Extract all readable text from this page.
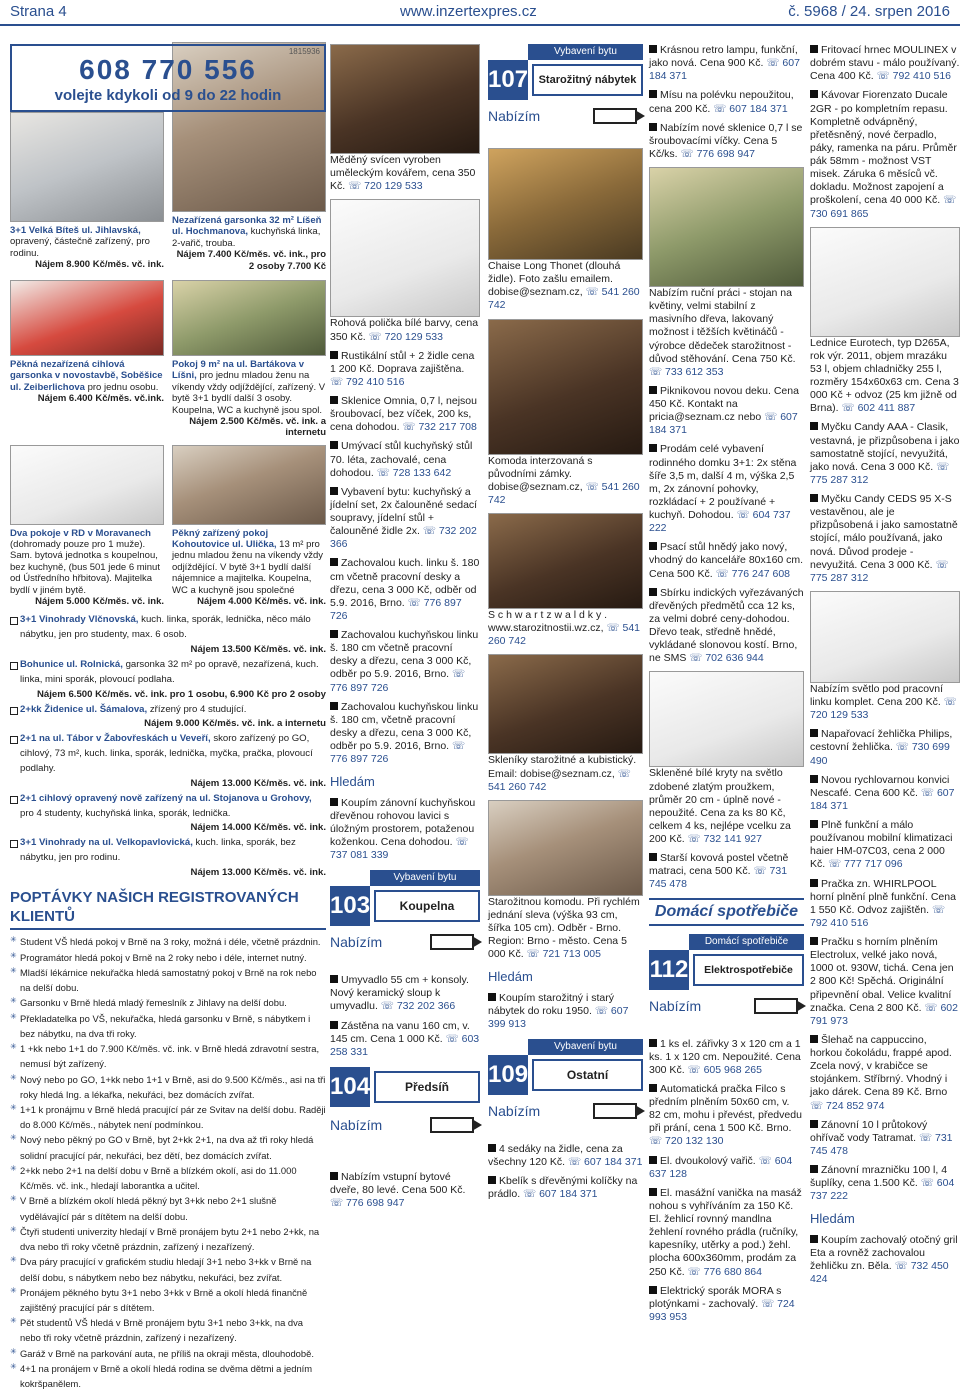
Strana 4	www.inzertexpres.cz	č. 5968 / 24. srpen 2016
1815936
608 770 556
volejte kdykoli od 9 do 22 hodin
3+1 Velká Bíteš ul. Jihlavská, opravený, částečně zařízený, pro rodinu.
Nájem 8.900 Kč/měs. vč. ink.
Nezařízená garsonka 32 m² Líšeň ul. Hochmanova, kuchyňská linka, 2-vařič, trouba.
Nájem 7.400 Kč/měs. vč. ink., pro 2 osoby 7.700 Kč
Pěkná nezařízená cihlová garsonka v novostavbě, Soběšice ul. Zeiberlichova pro jednu osobu.
Nájem 6.400 Kč/měs. vč.ink.
Pokoj 9 m² na ul. Bartákova v Líšni, pro jednu mladou ženu na víkendy vždy odjíždějící, zařízený. V bytě 3+1 bydlí další 3 osoby. Koupelna, WC a kuchyně jsou spol.
Nájem 2.500 Kč/měs. vč. ink. a internetu
Dva pokoje v RD v Moravanech (dohromady pouze pro 1 muže). Sam. bytová jednotka s koupelnou, bez kuchyně, (bus 501 jede 6 minut od Ústředního hřbitova). Majitelka bydlí v jiném bytě.
Nájem 5.000 Kč/měs. vč. ink.
Pěkný zařízený pokoj Kohoutovice ul. Ulička, 13 m² pro jednu mladou ženu na víkendy vždy odjíždějící. V bytě 3+1 bydlí další nájemnice a majitelka. Koupelna, WC a kuchyně jsou společné
Nájem 4.000 Kč/měs. vč. ink.
3+1 Vinohrady Vlčnovská, kuch. linka, sporák, lednička, něco málo nábytku, jen pro studenty, max. 6 osob.
Nájem 13.500 Kč/měs. vč. ink.
Bohunice ul. Rolnická, garsonka 32 m² po opravě, nezařízená, kuch. linka, mini sporák, plovoucí podlaha.
Nájem 6.500 Kč/měs. vč. ink. pro 1 osobu, 6.900 Kč pro 2 osoby
2+kk Židenice ul. Šámalova, zřízený pro 4 studující.
Nájem 9.000 Kč/měs. vč. ink. a internetu
2+1 na ul. Tábor v Žabovřeskách u Veveří, skoro zařízený po GO, cihlový, 73 m², kuch. linka, sporák, lednička, myčka, pračka, plovoucí podlahy.
Nájem 13.000 Kč/měs. vč. ink.
2+1 cihlový opravený nově zařízený na ul. Stojanova u Grohovy, pro 4 studenty, kuchyňská linka, sporák, lednička.
Nájem 14.000 Kč/měs. vč. ink.
3+1 Vinohrady na ul. Velkopavlovická, kuch. linka, sporák, bez nábytku, jen pro rodinu.
Nájem 13.000 Kč/měs. vč. ink.
POPTÁVKY NAŠICH REGISTROVANÝCH KLIENTŮ
✳ Student VŠ hledá pokoj v Brně na 3 roky, možná i déle, včetně prázdnin.
✳ Programátor hledá pokoj v Brně na 2 roky nebo i déle, internet nutný.
✳ Mladší lékárnice nekuřačka hledá samostatný pokoj v Brně na rok nebo na delší dobu.
✳ Garsonku v Brně hledá mladý řemeslník z Jihlavy na delší dobu.
✳ Překladatelka po VŠ, nekuřačka, hledá garsonku v Brně, s nábytkem i bez nábytku, na dva tři roky.
✳ 1 +kk nebo 1+1 do 7.900 Kč/měs. vč. ink. v Brně hledá zdravotní sestra, nemusí být zařízený.
✳ Nový nebo po GO, 1+kk nebo 1+1 v Brně, asi do 9.500 Kč/měs., asi na tři roky hledá Ing. a lékařka, nekuřáci, bez domácích zvířat.
✳ 1+1 k pronájmu v Brně hledá pracující pár ze Svitav na delší dobu. Raději do 8.000 Kč/měs., nábytek není podmínkou.
✳ Nový nebo pěkný po GO v Brně, byt 2+kk 2+1, na dva až tři roky hledá solidní pracující pár, nekuřáci, bez dětí, bez domácích zvířat.
✳ 2+kk nebo 2+1 na delší dobu v Brně a blízkém okolí, asi do 11.000 Kč/měs. vč. ink., hledají laborantka a učitel.
✳ V Brně a blízkém okolí hledá pěkný byt 3+kk nebo 2+1 slušně vydělávající pár s dítětem na delší dobu.
✳ Čtyři studenti univerzity hledají v Brně pronájem bytu 2+1 nebo 2+kk, na dva nebo tři roky včetně prázdnin, zařízený i nezařízený.
✳ Dva páry pracující v grafickém studiu hledají 3+1 nebo 3+kk v Brně na delší dobu, s nábytkem nebo bez nábytku, nekuřáci, bez zvířat.
✳ Pronájem pěkného bytu 3+1 nebo 3+kk v Brně a okolí hledá finančně zajištěný pracující pár s dítětem.
✳ Pět studentů VŠ hledá v Brně pronájem bytu 3+1 nebo 3+kk, na dva nebo tři roky včetně prázdnin, zařízený i nezařízený.
✳ Garáž v Brně na parkování auta, ne příliš na okraji města, dlouhodobě.
✳ 4+1 na pronájem v Brně a okolí hledá rodina se dvěma dětmi a jedním kokršpanělem.
Měděný svícen vyroben uměleckým kovářem, cena 350 Kč. ☏ 720 129 533
Rohová polička bílé barvy, cena 350 Kč. ☏ 720 129 533
Rustikální stůl + 2 židle cena 1 200 Kč. Doprava zajištěna. ☏ 792 410 516
Sklenice Omnia, 0,7 l, nejsou šroubovací, bez víček, 200 ks, cena dohodou. ☏ 732 217 708
Umývací stůl kuchyňský stůl 70. léta, zachovalé, cena dohodou. ☏ 728 133 642
Vybavení bytu: kuchyňský a jídelní set, 2x čalouněné sedací soupravy, jídelní stůl + čalouněné židle 2x. ☏ 732 202 366
Zachovalou kuch. linku š. 180 cm včetně pracovní desky a dřezu, cena 3 000 Kč, odběr od 5.9. 2016, Brno. ☏ 776 897 726
Zachovalou kuchyňskou linku š. 180 cm včetně pracovní desky a dřezu, cena 3 000 Kč, odběr po 5.9. 2016, Brno. ☏ 776 897 726
Zachovalou kuchyňskou linku š. 180 cm, včetně pracovní desky a dřezu, cena 3 000 Kč, odběr po 5.9. 2016, Brno. ☏ 776 897 726
Hledám
Koupím zánovní kuchyňskou dřevěnou rohovou lavici s úložným prostorem, potaženou koženkou. Cena dohodou. ☏ 737 081 339
Vybavení bytu
103	Koupelna
Nabízím
Umyvadlo 55 cm + konsoly. Nový keramický sloup k umyvadlu. ☏ 732 202 366
Zástěna na vanu 160 cm, v. 145 cm. Cena 1 000 Kč. ☏ 603 258 331
104	Předsíň
Nabízím
Nabízím vstupní bytové dveře, 80 levé. Cena 500 Kč. ☏ 776 698 947
Vybavení bytu
107 Starožitný nábytek
Nabízím
Chaise Long Thonet (dlouhá židle). Foto zašlu emailem. dobise@seznam.cz, ☏ 541 260 742
Komoda interzovaná s původními zámky. dobise@seznam.cz, ☏ 541 260 742
S c h w a r t z w a l d k y . www.starozitnostii.wz.cz, ☏ 541 260 742
Skleníky starožitné a kubistický. Email: dobise@seznam.cz, ☏ 541 260 742
Starožitnou komodu. Při rychlém jednání sleva (výška 93 cm, šířka 105 cm). Odběr - Brno. Region: Brno - město. Cena 5 000 Kč. ☏ 721 713 005
Hledám
Koupím starožitný i starý nábytek do roku 1950. ☏ 607 399 913
Vybavení bytu
109	Ostatní
Nabízím
4 sedáky na židle, cena za všechny 120 Kč. ☏ 607 184 371
Kbelík s dřevěnými kolíčky na prádlo. ☏ 607 184 371
Krásnou retro lampu, funkční, jako nová. Cena 900 Kč. ☏ 607 184 371
Mísu na polévku nepoužitou, cena 200 Kč. ☏ 607 184 371
Nabízím nové sklenice 0,7 l se šroubovacími víčky. Cena 5 Kč/ks. ☏ 776 698 947
Nabízím ruční práci - stojan na květiny, velmi stabilní z masivního dřeva, lakovaný možnost i těžších květináčů - výrobce dědeček starožitnost - důvod stěhování. Cena 750 Kč. ☏ 733 612 353
Piknikovou novou deku. Cena 450 Kč. Kontakt na pricia@seznam.cz nebo ☏ 607 184 371
Prodám celé vybavení rodinného domku 3+1: 2x stěna šíře 3,5 m, další 4 m, výška 2,5 m, 2x zánovní pohovky, rozkládací + 2 používané + kuchyň. Dohodou. ☏ 604 737 222
Psací stůl hnědý jako nový, vhodný do kanceláře 80x160 cm. Cena 500 Kč. ☏ 776 247 608
Sbírku indických vyřezávaných dřevěných předmětů cca 12 ks, za velmi dobré ceny-dohodou. Dřevo teak, středně hnědé, vykládané slonovou kostí. Brno, ne SMS ☏ 702 636 944
Skleněné bílé kryty na světlo zdobené zlatým proužkem, průměr 20 cm - úplně nové - nepoužité. Cena za ks 80 Kč, celkem 4 ks, nejlépe vcelku za 200 Kč. ☏ 732 141 927
Starší kovová postel včetně matraci, cena 500 Kč. ☏ 731 745 478
Domácí spotřebiče
Domácí spotřebiče
112	Elektrospotřebiče
Nabízím
1 ks el. zářivky 3 x 120 cm a 1 ks. 1 x 120 cm. Nepoužité. Cena 300 Kč. ☏ 605 968 265
Automatická pračka Filco s předním plněním 50x60 cm, v. 82 cm, mohu i převést, předvedu při prání, cena 1 500 Kč. Brno. ☏ 720 132 130
El. dvoukolový vařič. ☏ 604 637 128
El. masážní vanička na masáž nohou s vyhříváním za 150 Kč. El. žehlicí rovnný mandlna žehlení rovného prádla (ručníky, kapesníky, utěrky a pod.) žehl. plocha 600x360mm, prodám za 250 Kč. ☏ 776 680 864
Elektrický sporák MORA s plotýnkami - zachovalý. ☏ 724 993 953
Fritovací hrnec MOULINEX v dobrém stavu - málo používaný. Cena 400 Kč. ☏ 792 410 516
Kávovar Fiorenzato Ducale 2GR - po kompletním repasu. Kompletně odvápněný, přetěsněný, nové čerpadlo, páky, ramenka na páru. Průměr pák 58mm - možnost VST misek. Záruka 6 měsíců vč. dokladu. Možnost zapojení a proškolení, cena 40 000 Kč. ☏ 730 691 865
Lednice Eurotech, typ D265A, rok výr. 2011, objem mrazáku 53 l, objem chladničky 255 l, rozměry 154x60x63 cm. Cena 3 000 Kč + odvoz (25 km jižně od Brna). ☏ 602 411 887
Myčku Candy AAA - Clasik, vestavná, je přizpůsobena i jako samostatně stojící, nevyužitá, jako nová. Cena 3 000 Kč. ☏ 775 287 312
Myčku Candy CEDS 95 X-S vestavěnou, ale je přizpůsobená i jako samostatně stojící, málo používaná, jako nová. Důvod prodeje - nevyužitá. Cena 3 000 Kč. ☏ 775 287 312
Nabízím světlo pod pracovní linku komplet. Cena 200 Kč. ☏ 720 129 533
Napařovací žehlička Philips, cestovní žehlička. ☏ 730 699 490
Novou rychlovarnou konvici Nescafé. Cena 600 Kč. ☏ 607 184 371
Plně funkční a málo používanou mobilní klimatizaci haier HM-07C03, cena 2 000 Kč. ☏ 777 717 096
Pračka zn. WHIRLPOOL horní plnění plně funkční. Cena 1 550 Kč. Odvoz zajištěn. ☏ 792 410 516
Pračku s horním plněním Electrolux, velké jako nová, 1000 ot. 930W, tichá. Cena jen 2 800 Kč! Spěchá. Originální připevnění obal. Velice kvalitní značka. Cena 2 800 Kč. ☏ 602 791 973
Šlehač na cappuccino, horkou čokoládu, frappé apod. Zcela nový, v krabičce se stojánkem. Stříbrný. Vhodný i jako dárek. Cena 89 Kč. Brno ☏ 724 852 974
Zánovní 10 l průtokový ohřívač vody Tatramat. ☏ 731 745 478
Zánovní mrazničku 100 l, 4 šuplíky, cena 1.500 Kč. ☏ 604 737 222
Hledám
Koupím zachovalý otočný gril Eta a rovněž zachovalou žehličku zn. Běla. ☏ 732 450 424
